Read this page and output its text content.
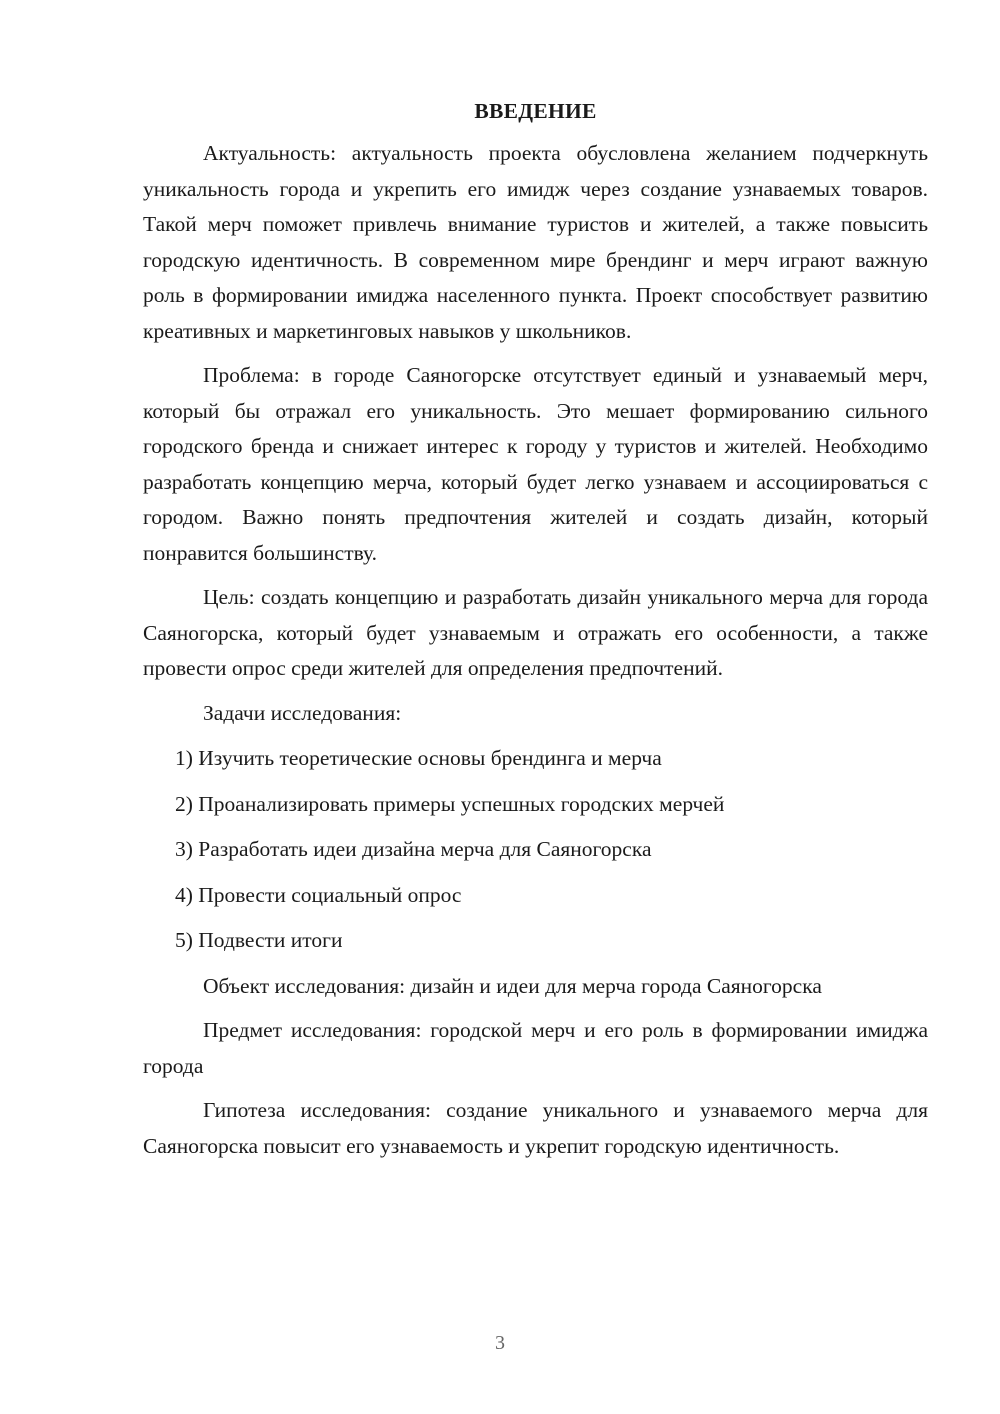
ВВЕДЕНИЕ

Актуальность: актуальность проекта обусловлена желанием подчеркнуть уникальность города и укрепить его имидж через создание узнаваемых товаров. Такой мерч поможет привлечь внимание туристов и жителей, а также повысить городскую идентичность. В современном мире брендинг и мерч играют важную роль в формировании имиджа населенного пункта. Проект способствует развитию креативных и маркетинговых навыков у школьников.

Проблема: в городе Саяногорске отсутствует единый и узнаваемый мерч, который бы отражал его уникальность. Это мешает формированию сильного городского бренда и снижает интерес к городу у туристов и жителей. Необходимо разработать концепцию мерча, который будет легко узнаваем и ассоциироваться с городом. Важно понять предпочтения жителей и создать дизайн, который понравится большинству.

Цель: создать концепцию и разработать дизайн уникального мерча для города Саяногорска, который будет узнаваемым и отражать его особенности, а также провести опрос среди жителей для определения предпочтений.

Задачи исследования:
1) Изучить теоретические основы брендинга и мерча
2) Проанализировать примеры успешных городских мерчей
3) Разработать идеи дизайна мерча для Саяногорска
4) Провести социальный опрос
5) Подвести итоги

Объект исследования: дизайн и идеи для мерча города Саяногорска

Предмет исследования: городской мерч и его роль в формировании имиджа города

Гипотеза исследования: создание уникального и узнаваемого мерча для Саяногорска повысит его узнаваемость и укрепит городскую идентичность.

3
